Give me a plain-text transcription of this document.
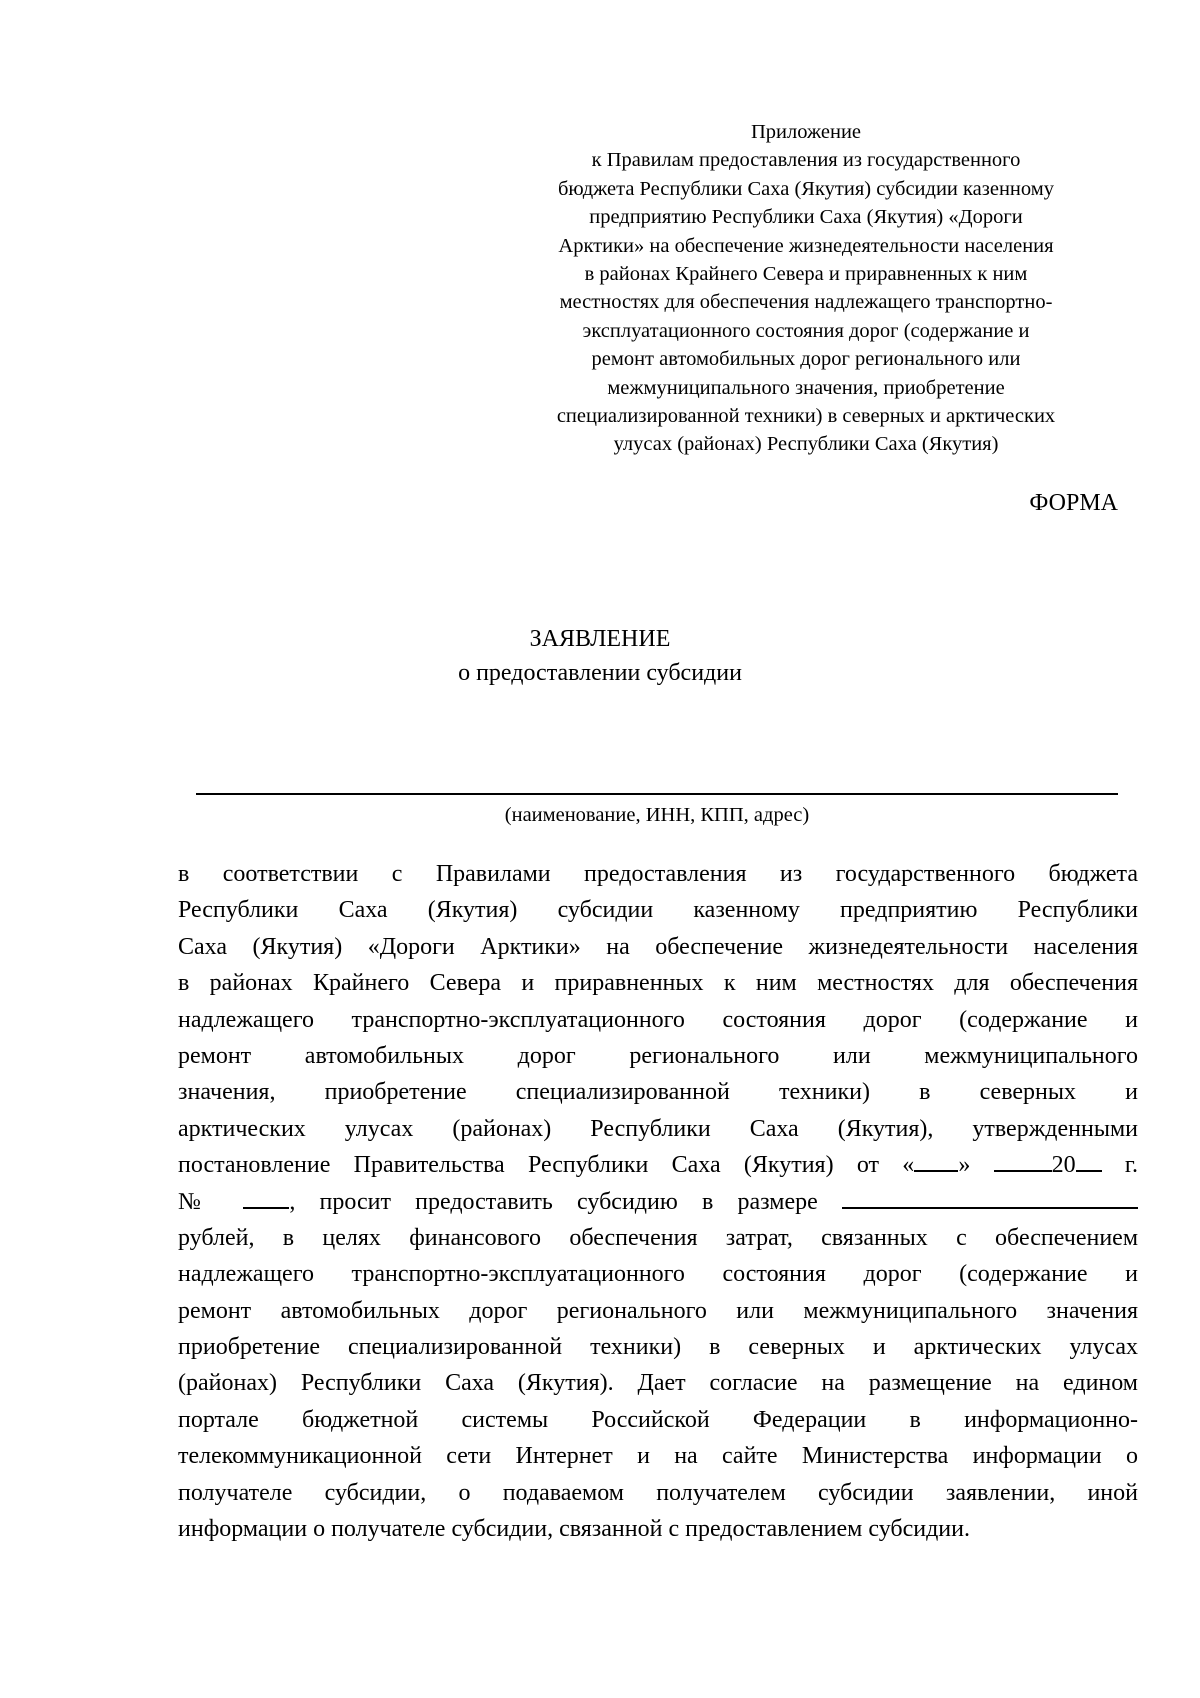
Приложение
к Правилам предоставления из государственного
бюджета Республики Саха (Якутия) субсидии казенному
предприятию Республики Саха (Якутия) «Дороги
Арктики» на обеспечение жизнедеятельности населения
в районах Крайнего Севера и приравненных к ним
местностях для обеспечения надлежащего транспортно-
эксплуатационного состояния дорог (содержание и
ремонт автомобильных дорог регионального или
межмуниципального значения, приобретение
специализированной техники) в северных и арктических
улусах (районах) Республики Саха (Якутия)
ФОРМА
ЗАЯВЛЕНИЕ
о предоставлении субсидии
(наименование, ИНН, КПП, адрес)
в соответствии с Правилами предоставления из государственного бюджета
Республики Саха (Якутия) субсидии казенному предприятию Республики
Саха (Якутия) «Дороги Арктики» на обеспечение жизнедеятельности населения
в районах Крайнего Севера и приравненных к ним местностях для обеспечения
надлежащего транспортно-эксплуатационного состояния дорог (содержание и
ремонт автомобильных дорог регионального или межмуниципального
значения, приобретение специализированной техники) в северных и
арктических улусах (районах) Республики Саха (Якутия), утвержденными
постановление Правительства Республики Саха (Якутия) от « »	20 г.
№	, просит предоставить субсидию в размере
рублей, в целях финансового обеспечения затрат, связанных с обеспечением
надлежащего транспортно-эксплуатационного состояния дорог (содержание и
ремонт автомобильных дорог регионального или межмуниципального значения
приобретение специализированной техники) в северных и арктических улусах
(районах) Республики Саха (Якутия). Дает согласие на размещение на едином
портале бюджетной системы Российской Федерации в информационно-
телекоммуникационной сети Интернет и на сайте Министерства информации о
получателе субсидии, о подаваемом получателем субсидии заявлении, иной
информации о получателе субсидии, связанной с предоставлением субсидии.
